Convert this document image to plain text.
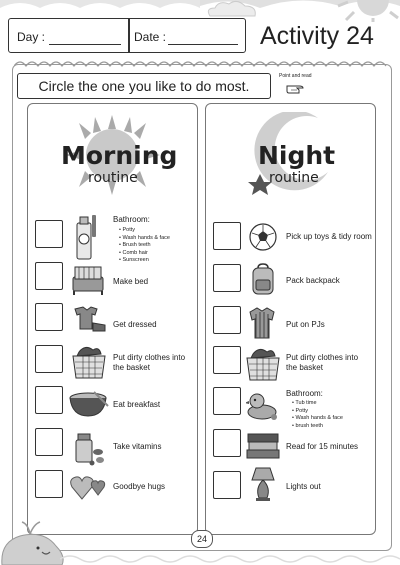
Day :	Date :	Activity 24
Circle the one you like to do most.
Point and read
Morning
routine
Night
routine
Bathroom:
• Potty
• Wash hands & face
• Brush teeth
• Comb hair
• Sunscreen
Make bed
Get dressed
Put dirty clothes into the basket
Eat breakfast
Take vitamins
Goodbye hugs
Pick up toys & tidy room
Pack backpack
Put on PJs
Put dirty clothes into the basket
Bathroom:
• Tub time
• Potty
• Wash hands & face
• brush teeth
Read for 15 minutes
Lights out
24
